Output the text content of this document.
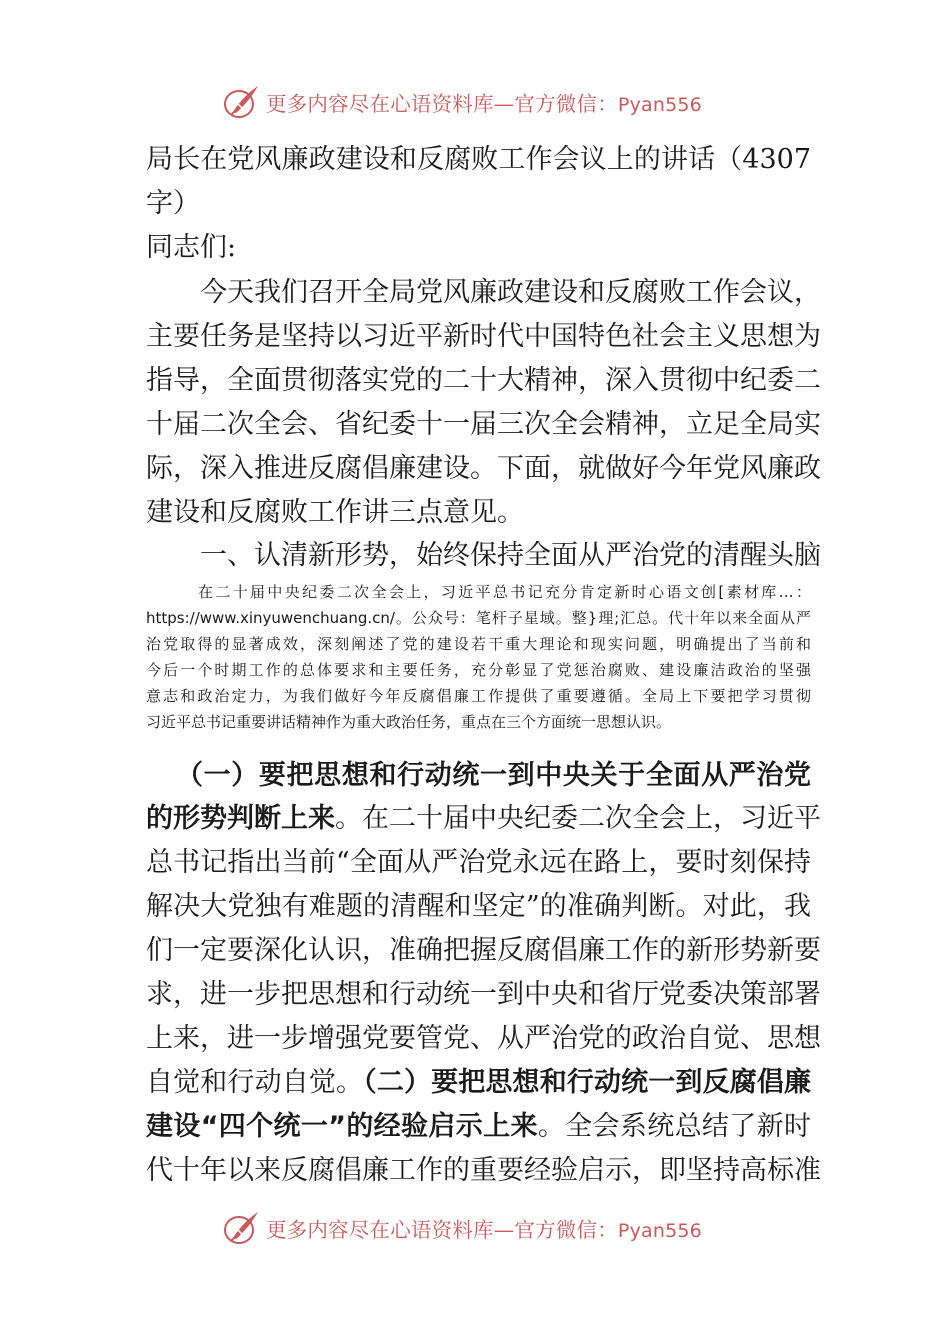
更多内容尽在心语资料库—官方微信：Pyan556
局长在党风廉政建设和反腐败工作会议上的讲话（4307
字）
同志们:
今天我们召开全局党风廉政建设和反腐败工作会议，
主要任务是坚持以习近平新时代中国特色社会主义思想为
指导，全面贯彻落实党的二十大精神，深入贯彻中纪委二
十届二次全会、省纪委十一届三次全会精神，立足全局实
际，深入推进反腐倡廉建设。下面，就做好今年党风廉政
建设和反腐败工作讲三点意见。
一、认清新形势，始终保持全面从严治党的清醒头脑
在二十届中央纪委二次全会上，习近平总书记充分肯定新时心语文创[素材库…：
https://www.xinyuwenchuang.cn/。公众号：笔杆子星域。整}理;汇总。代十年以来全面从严
治党取得的显著成效，深刻阐述了党的建设若干重大理论和现实问题，明确提出了当前和
今后一个时期工作的总体要求和主要任务，充分彰显了党惩治腐败、建设廉洁政治的坚强
意志和政治定力，为我们做好今年反腐倡廉工作提供了重要遵循。全局上下要把学习贯彻
习近平总书记重要讲话精神作为重大政治任务，重点在三个方面统一思想认识。
（一）要把思想和行动统一到中央关于全面从严治党
的形势判断上来。在二十届中央纪委二次全会上，习近平
总书记指出当前“全面从严治党永远在路上，要时刻保持
解决大党独有难题的清醒和坚定”的准确判断。对此，我
们一定要深化认识，准确把握反腐倡廉工作的新形势新要
求，进一步把思想和行动统一到中央和省厅党委决策部署
上来，进一步增强党要管党、从严治党的政治自觉、思想
自觉和行动自觉。（二）要把思想和行动统一到反腐倡廉
建设“四个统一”的经验启示上来。全会系统总结了新时
代十年以来反腐倡廉工作的重要经验启示，即坚持高标准
更多内容尽在心语资料库—官方微信：Pyan556
